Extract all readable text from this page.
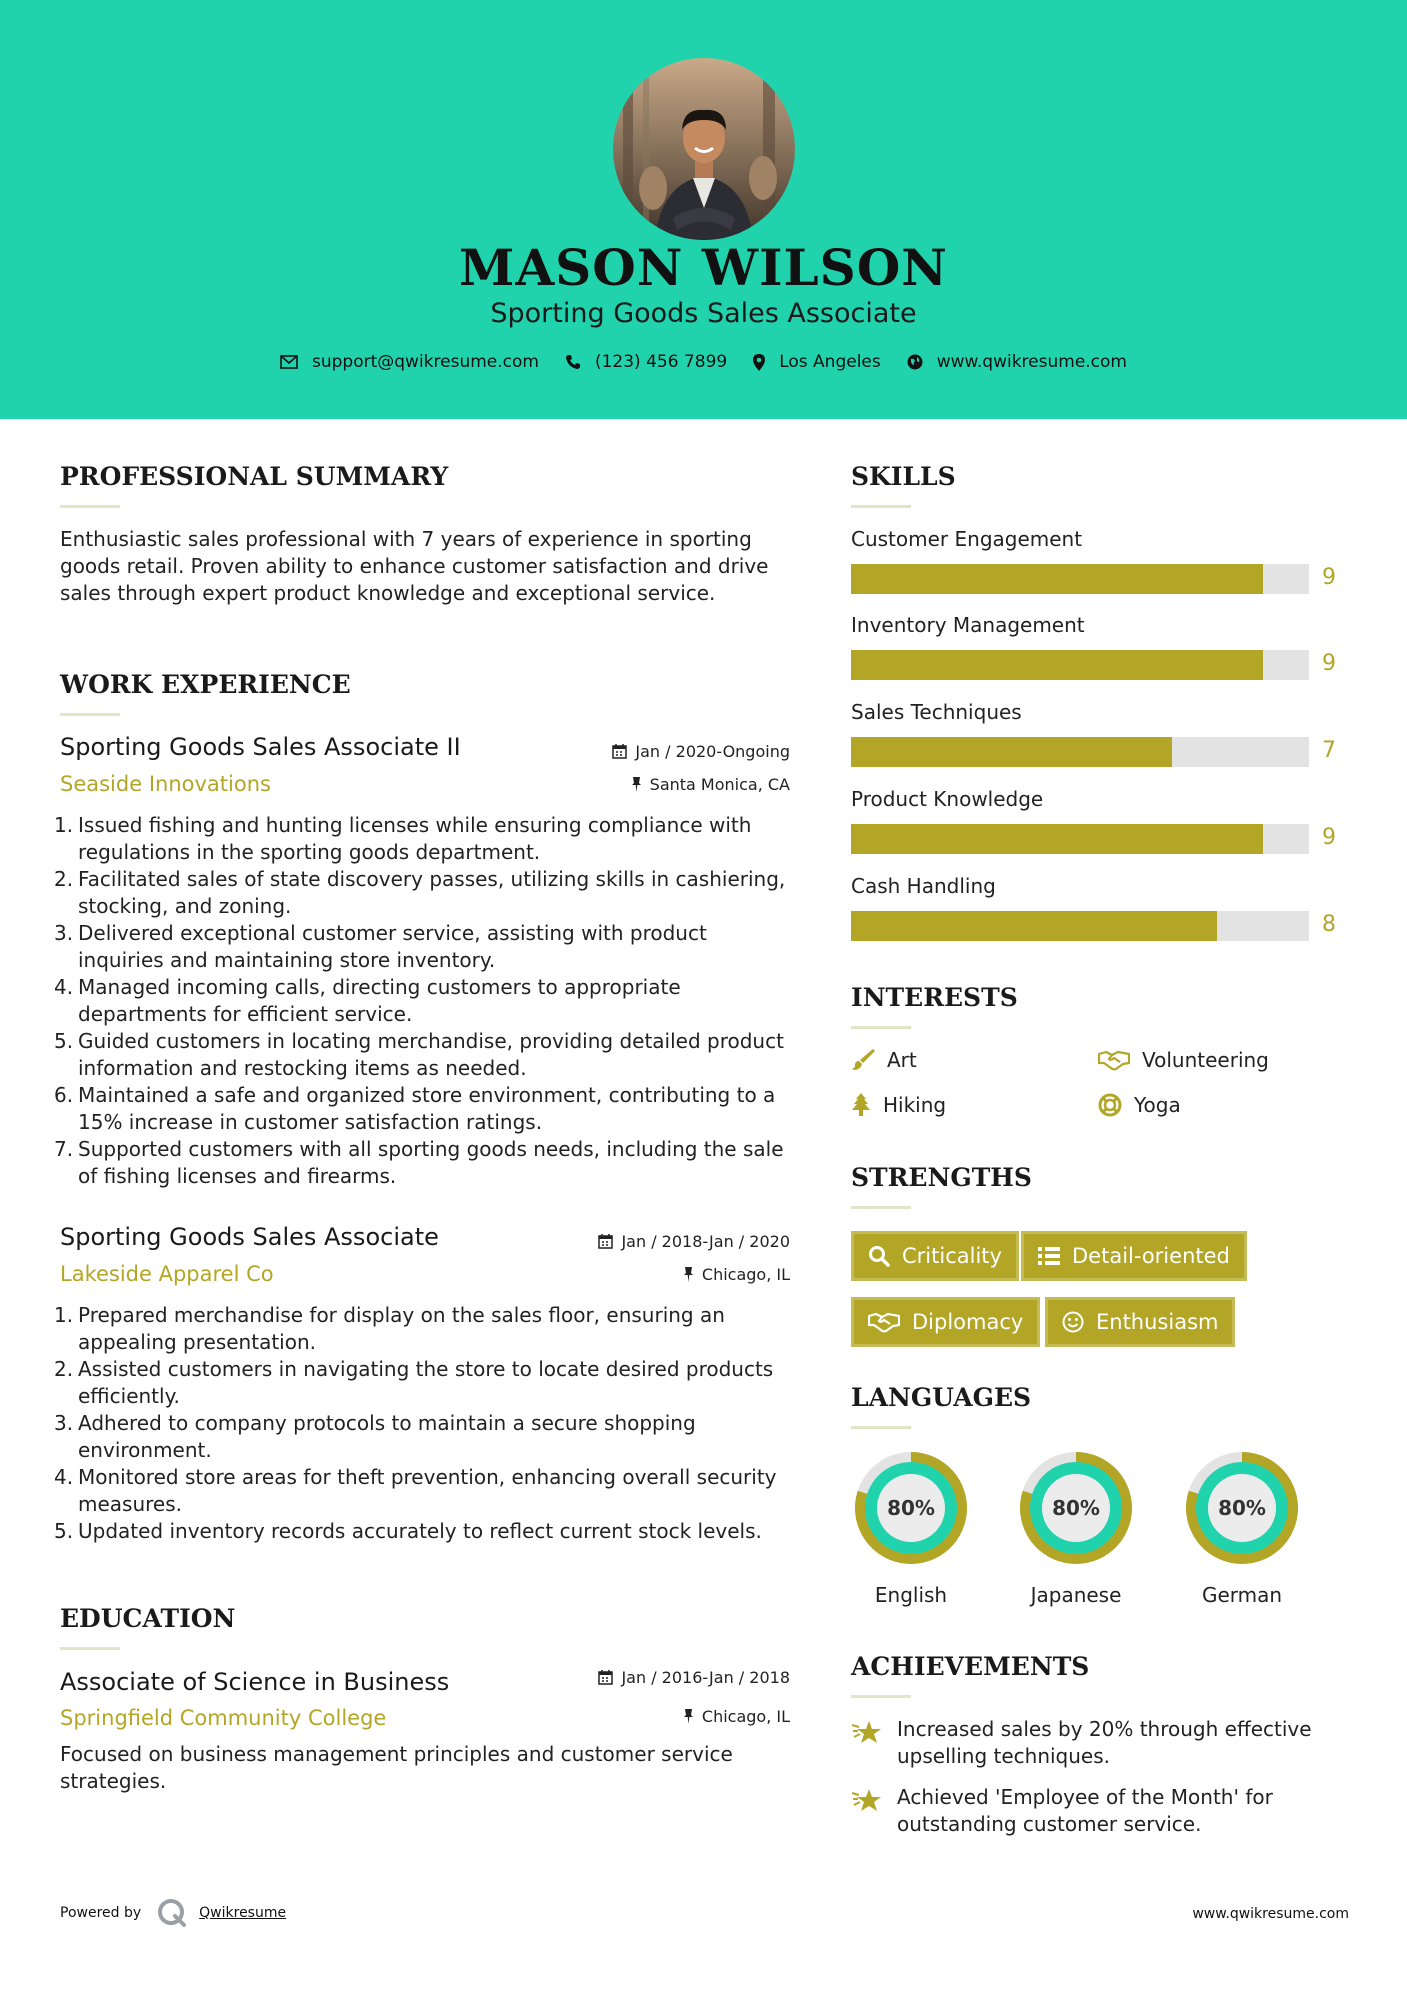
MASON WILSON
Sporting Goods Sales Associate
support@qwikresume.com	(123) 456 7899	Los Angeles	www.qwikresume.com
PROFESSIONAL SUMMARY
Enthusiastic sales professional with 7 years of experience in sporting goods retail. Proven ability to enhance customer satisfaction and drive sales through expert product knowledge and exceptional service.
WORK EXPERIENCE
Sporting Goods Sales Associate II	Jan / 2020-Ongoing
Seaside Innovations	Santa Monica, CA
1. Issued fishing and hunting licenses while ensuring compliance with regulations in the sporting goods department.
2. Facilitated sales of state discovery passes, utilizing skills in cashiering, stocking, and zoning.
3. Delivered exceptional customer service, assisting with product inquiries and maintaining store inventory.
4. Managed incoming calls, directing customers to appropriate departments for efficient service.
5. Guided customers in locating merchandise, providing detailed product information and restocking items as needed.
6. Maintained a safe and organized store environment, contributing to a 15% increase in customer satisfaction ratings.
7. Supported customers with all sporting goods needs, including the sale of fishing licenses and firearms.
Sporting Goods Sales Associate	Jan / 2018-Jan / 2020
Lakeside Apparel Co	Chicago, IL
1. Prepared merchandise for display on the sales floor, ensuring an appealing presentation.
2. Assisted customers in navigating the store to locate desired products efficiently.
3. Adhered to company protocols to maintain a secure shopping environment.
4. Monitored store areas for theft prevention, enhancing overall security measures.
5. Updated inventory records accurately to reflect current stock levels.
EDUCATION
Associate of Science in Business	Jan / 2016-Jan / 2018
Springfield Community College	Chicago, IL
Focused on business management principles and customer service strategies.
SKILLS
Customer Engagement
9
Inventory Management
9
Sales Techniques
7
Product Knowledge
9
Cash Handling
8
INTERESTS
Art	Volunteering
Hiking	Yoga
STRENGTHS
Criticality	Detail-oriented
Diplomacy	Enthusiasm
LANGUAGES
80%
English
80%
Japanese
80%
German
ACHIEVEMENTS
Increased sales by 20% through effective upselling techniques.
Achieved 'Employee of the Month' for outstanding customer service.
Powered by	Qwikresume	www.qwikresume.com
